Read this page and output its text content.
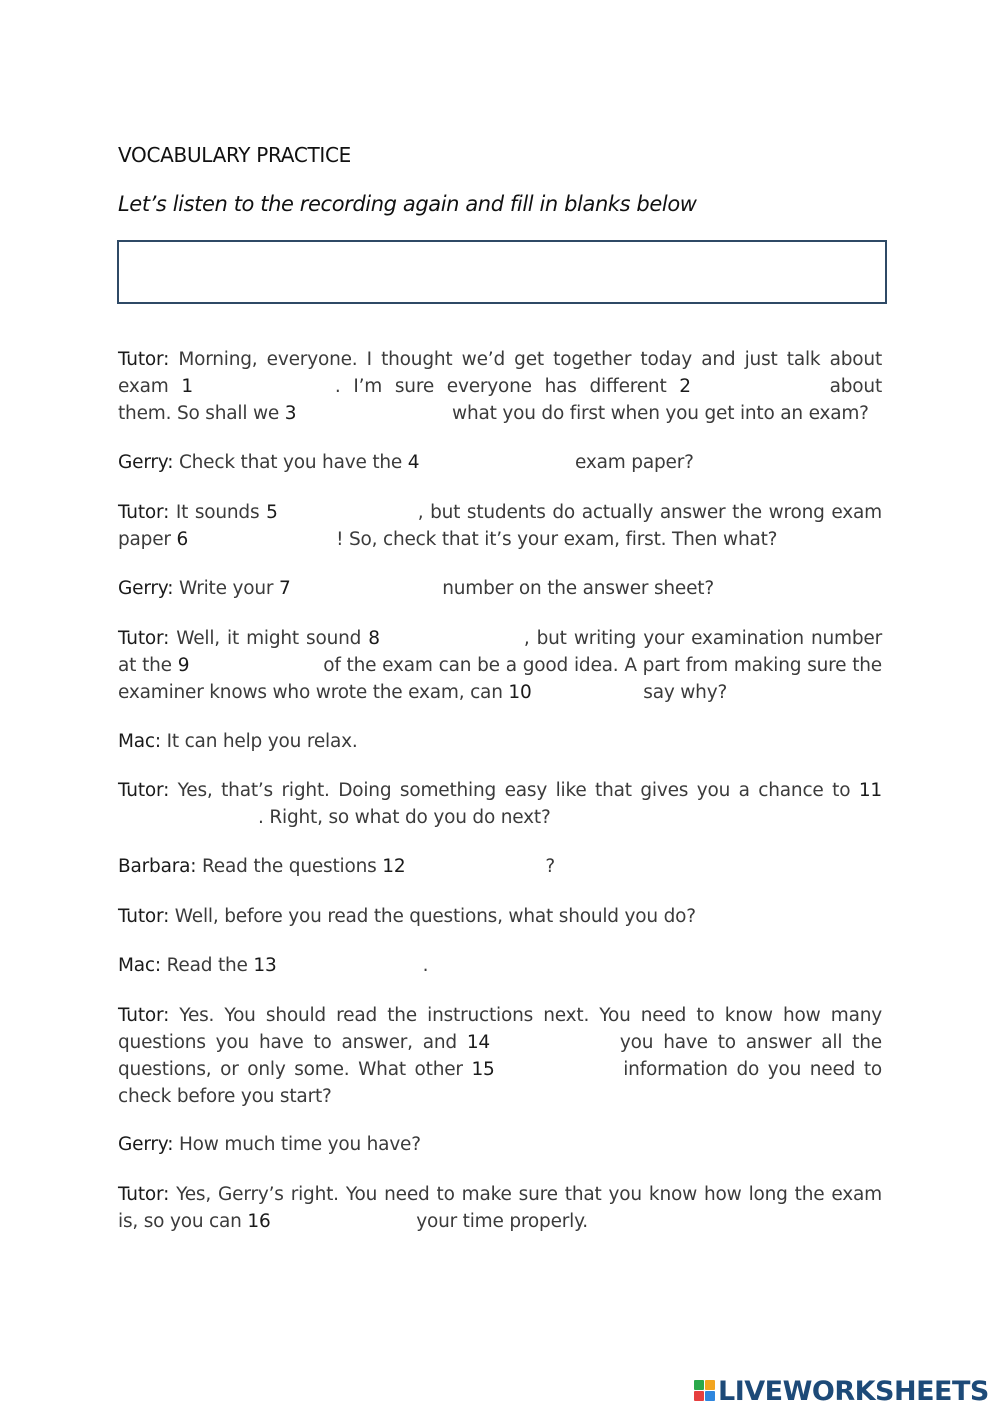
VOCABULARY PRACTICE
Let’s listen to the recording again and fill in blanks below
Tutor: Morning, everyone. I thought we’d get together today and just talk about exam 1	. I’m sure everyone has different 2	about them. So shall we 3	what you do first when you get into an exam?
Gerry: Check that you have the 4	exam paper?
Tutor: It sounds 5	, but students do actually answer the wrong exam paper 6	! So, check that it’s your exam, first. Then what?
Gerry: Write your 7	number on the answer sheet?
Tutor: Well, it might sound 8	, but writing your examination number at the 9	of the exam can be a good idea. A part from making sure the examiner knows who wrote the exam, can 10	say why?
Mac: It can help you relax.
Tutor: Yes, that’s right. Doing something easy like that gives you a chance to 11. Right, so what do you do next?
Barbara: Read the questions 12	?
Tutor: Well, before you read the questions, what should you do?
Mac: Read the 13	.
Tutor: Yes. You should read the instructions next. You need to know how many questions you have to answer, and 14	you have to answer all the questions, or only some. What other 15	information do you need to check before you start?
Gerry: How much time you have?
Tutor: Yes, Gerry’s right. You need to make sure that you know how long the exam is, so you can 16	your time properly.
LIVEWORKSHEETS
